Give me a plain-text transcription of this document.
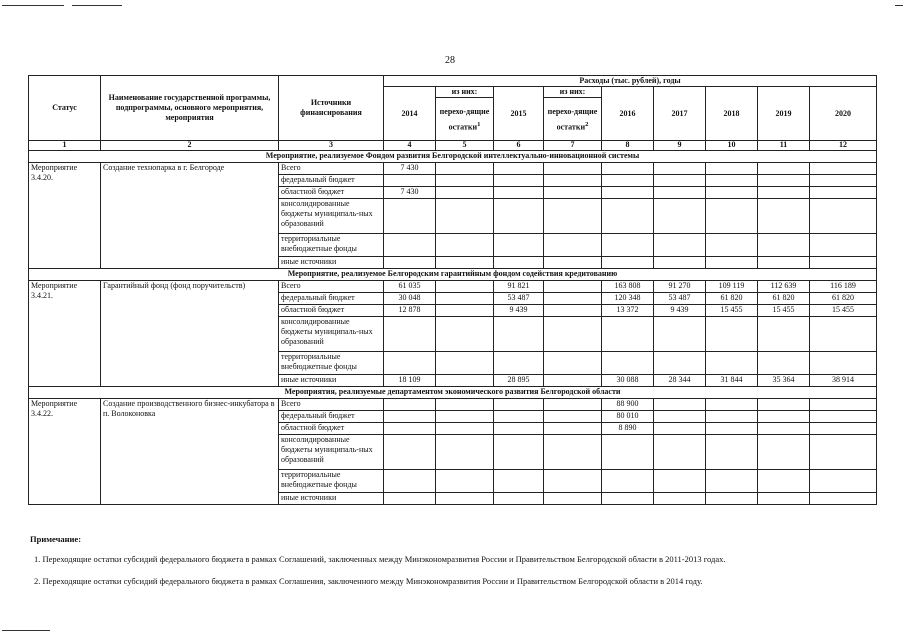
28
Статус	Наименование государственной программы, подпрограммы, основного мероприятия, мероприятия	Источники финансирования	Расходы (тыс. рублей), годы								
			2014	из них:	2015	из них:	2016	2017	2018	2019	2020
				перехо-дящие остатки$^1$		перехо-дящие остатки$^2$
1	2	3	4	5	6	7	8	9	10	11	12
Мероприятие, реализуемое Фондом развития Белгородской интеллектуально-инновационной системы											
Мероприятие 3.4.20.	Создание технопарка в г. Белгороде	Всего	7 430								
		федеральный бюджет									
		областной бюджет	7 430								
		консолидированные бюджеты муниципаль-ных образований									
		территориальные внебюджетные фонды									
		иные источники									
Мероприятие, реализуемое Белгородским гарантийным фондом содействия кредитованию											
Мероприятие 3.4.21.	Гарантийный фонд (фонд поручительств)	Всего	61 035		91 821		163 808	91 270	109 119	112 639	116 189
		федеральный бюджет	30 048		53 487		120 348	53 487	61 820	61 820	61 820
		областной бюджет	12 878		9 439		13 372	9 439	15 455	15 455	15 455
		консолидированные бюджеты муниципаль-ных образований									
		территориальные внебюджетные фонды									
		иные источники	18 109		28 895		30 088	28 344	31 844	35 364	38 914
Мероприятия, реализуемые департаментом экономического развития Белгородской области											
Мероприятие 3.4.22.	Создание производственного бизнес-инкубатора в п. Волоконовка	Всего					88 900				
		федеральный бюджет					80 010				
		областной бюджет					8 890				
		консолидированные бюджеты муниципаль-ных образований									
		территориальные внебюджетные фонды									
		иные источники									
Примечание:
1. Переходящие остатки субсидий федерального бюджета в рамках Соглашений, заключенных между Минэкономразвития России и Правительством Белгородской области в 2011-2013 годах.
2. Переходящие остатки субсидий федерального бюджета в рамках Соглашения, заключенного между Минэкономразвития России и Правительством Белгородской области в 2014 году.
